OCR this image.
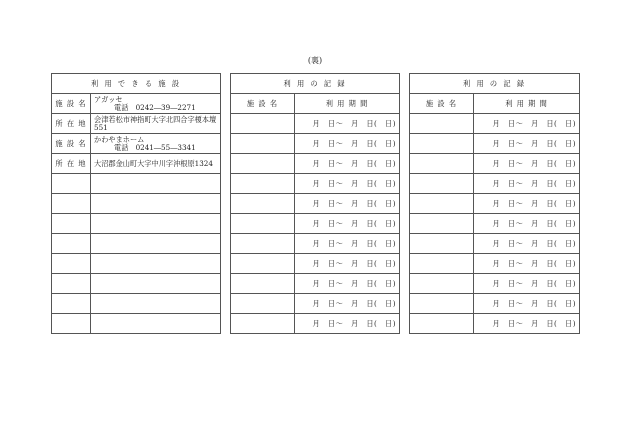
(裏)
利 用 で き る 施 設	
施 設 名	アガッセ
電話　0242―39―2271

所 在 地	会津若松市神指町大字北四合字榎本壇551
施 設 名	かわやまホーム
電話　0241―55―3341

所 在 地	大沼郡金山町大字中川字沖根原1324

利 用 の 記 録	
施 設 名	利 用 期 間
	月　日～　月　日(　日)
	月　日～　月　日(　日)
	月　日～　月　日(　日)
	月　日～　月　日(　日)
	月　日～　月　日(　日)
	月　日～　月　日(　日)
	月　日～　月　日(　日)
	月　日～　月　日(　日)
	月　日～　月　日(　日)
	月　日～　月　日(　日)
	月　日～　月　日(　日)
利 用 の 記 録	
施 設 名	利 用 期 間
	月　日～　月　日(　日)
	月　日～　月　日(　日)
	月　日～　月　日(　日)
	月　日～　月　日(　日)
	月　日～　月　日(　日)
	月　日～　月　日(　日)
	月　日～　月　日(　日)
	月　日～　月　日(　日)
	月　日～　月　日(　日)
	月　日～　月　日(　日)
	月　日～　月　日(　日)
